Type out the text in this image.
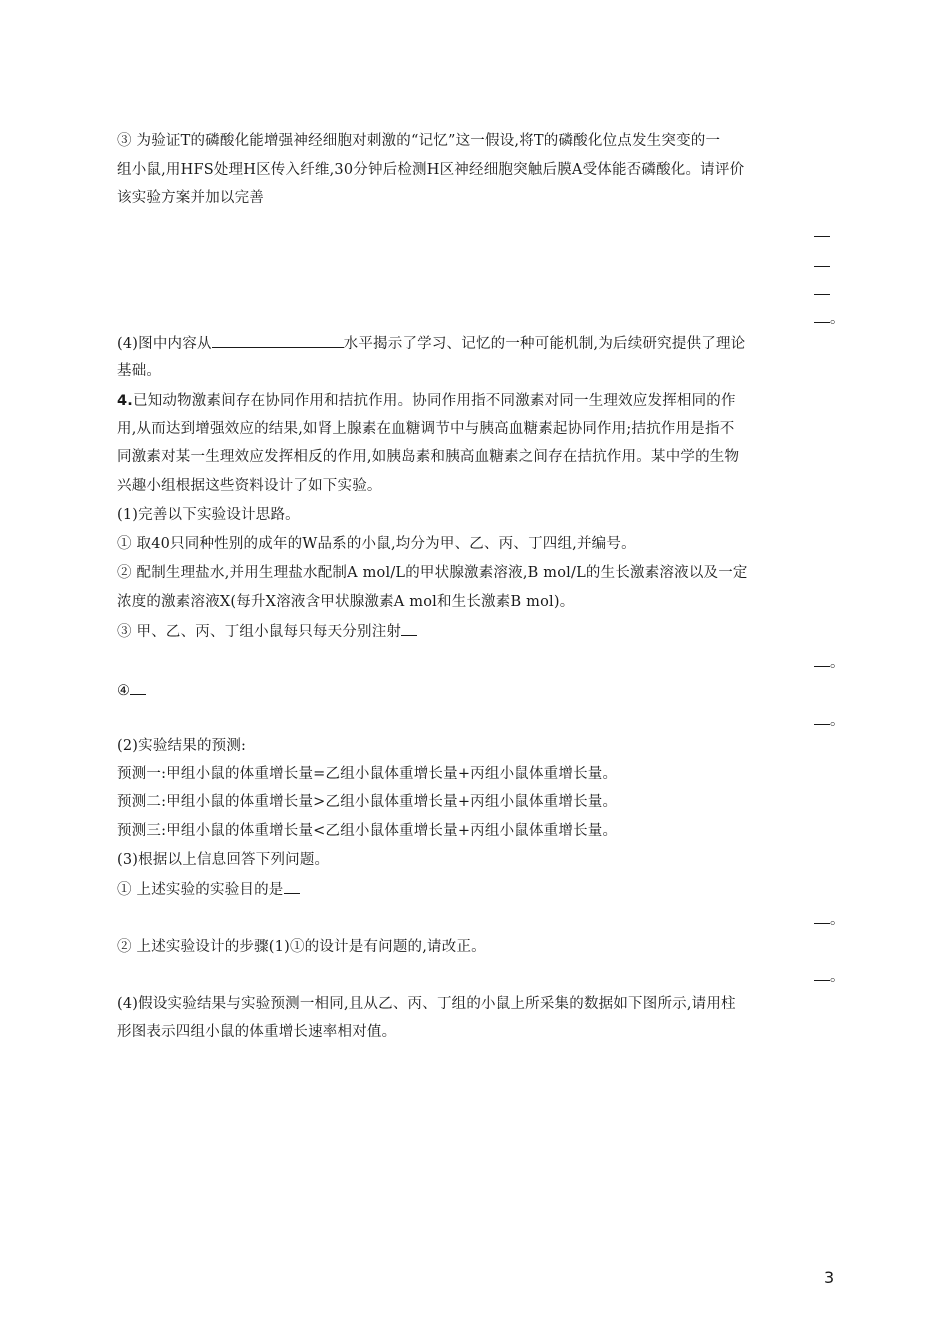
③ 为验证T的磷酸化能增强神经细胞对刺激的“记忆”这一假设,将T的磷酸化位点发生突变的一
组小鼠,用HFS处理H区传入纤维,30分钟后检测H区神经细胞突触后膜A受体能否磷酸化。请评价
该实验方案并加以完善
。
(4)图中内容从	水平揭示了学习、记忆的一种可能机制,为后续研究提供了理论
基础。
4.已知动物激素间存在协同作用和拮抗作用。协同作用指不同激素对同一生理效应发挥相同的作
用,从而达到增强效应的结果,如肾上腺素在血糖调节中与胰高血糖素起协同作用;拮抗作用是指不
同激素对某一生理效应发挥相反的作用,如胰岛素和胰高血糖素之间存在拮抗作用。某中学的生物
兴趣小组根据这些资料设计了如下实验。
(1)完善以下实验设计思路。
① 取40只同种性别的成年的W品系的小鼠,均分为甲、乙、丙、丁四组,并编号。
② 配制生理盐水,并用生理盐水配制A mol/L的甲状腺激素溶液,B mol/L的生长激素溶液以及一定
浓度的激素溶液X(每升X溶液含甲状腺激素A mol和生长激素B mol)。
③ 甲、乙、丙、丁组小鼠每只每天分别注射
。
④
。
(2)实验结果的预测:
预测一:甲组小鼠的体重增长量=乙组小鼠体重增长量+丙组小鼠体重增长量。
预测二:甲组小鼠的体重增长量>乙组小鼠体重增长量+丙组小鼠体重增长量。
预测三:甲组小鼠的体重增长量<乙组小鼠体重增长量+丙组小鼠体重增长量。
(3)根据以上信息回答下列问题。
① 上述实验的实验目的是
。
② 上述实验设计的步骤(1)①的设计是有问题的,请改正。
。
(4)假设实验结果与实验预测一相同,且从乙、丙、丁组的小鼠上所采集的数据如下图所示,请用柱
形图表示四组小鼠的体重增长速率相对值。
3
